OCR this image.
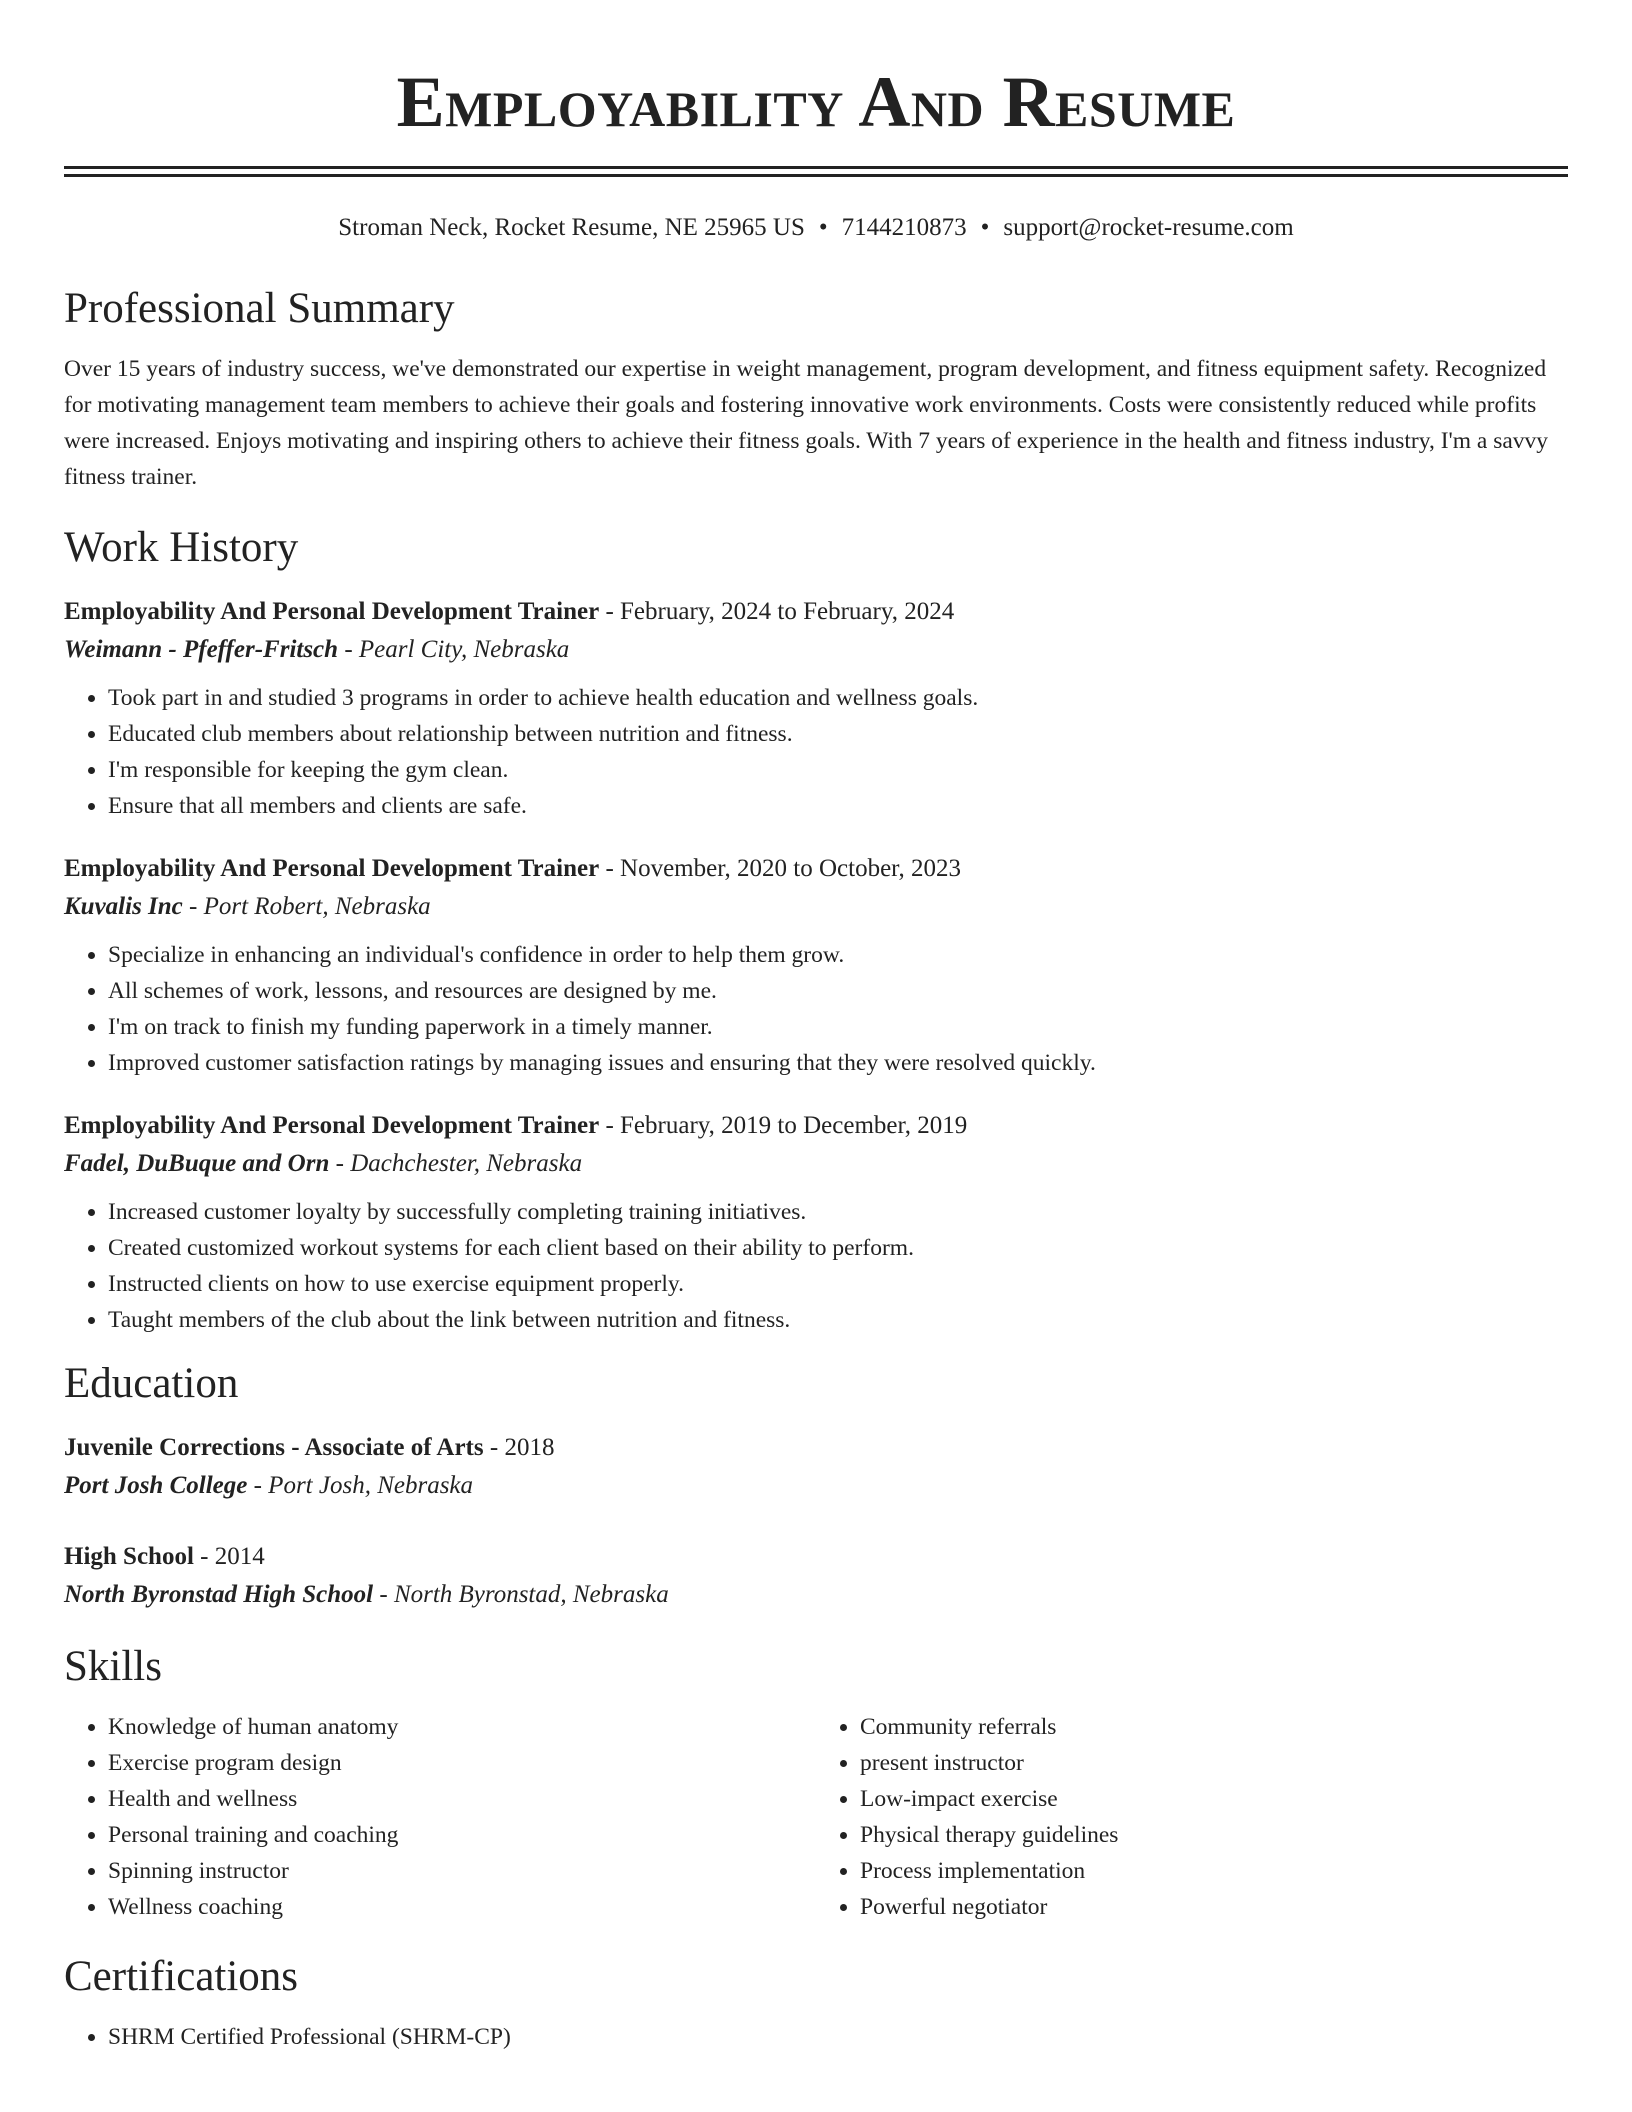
Employability And Resume
Stroman Neck, Rocket Resume, NE 25965 US • 7144210873 • support@rocket-resume.com
Professional Summary
Over 15 years of industry success, we've demonstrated our expertise in weight management, program development, and fitness equipment safety. Recognized for motivating management team members to achieve their goals and fostering innovative work environments. Costs were consistently reduced while profits were increased. Enjoys motivating and inspiring others to achieve their fitness goals. With 7 years of experience in the health and fitness industry, I'm a savvy fitness trainer.
Work History
Employability And Personal Development Trainer - February, 2024 to February, 2024
Weimann - Pfeffer-Fritsch - Pearl City, Nebraska
• Took part in and studied 3 programs in order to achieve health education and wellness goals.
• Educated club members about relationship between nutrition and fitness.
• I'm responsible for keeping the gym clean.
• Ensure that all members and clients are safe.
Employability And Personal Development Trainer - November, 2020 to October, 2023
Kuvalis Inc - Port Robert, Nebraska
• Specialize in enhancing an individual's confidence in order to help them grow.
• All schemes of work, lessons, and resources are designed by me.
• I'm on track to finish my funding paperwork in a timely manner.
• Improved customer satisfaction ratings by managing issues and ensuring that they were resolved quickly.
Employability And Personal Development Trainer - February, 2019 to December, 2019
Fadel, DuBuque and Orn - Dachchester, Nebraska
• Increased customer loyalty by successfully completing training initiatives.
• Created customized workout systems for each client based on their ability to perform.
• Instructed clients on how to use exercise equipment properly.
• Taught members of the club about the link between nutrition and fitness.
Education
Juvenile Corrections - Associate of Arts - 2018
Port Josh College - Port Josh, Nebraska
High School - 2014
North Byronstad High School - North Byronstad, Nebraska
Skills
• Knowledge of human anatomy
• Exercise program design
• Health and wellness
• Personal training and coaching
• Spinning instructor
• Wellness coaching
• Community referrals
• present instructor
• Low-impact exercise
• Physical therapy guidelines
• Process implementation
• Powerful negotiator
Certifications
• SHRM Certified Professional (SHRM-CP)
